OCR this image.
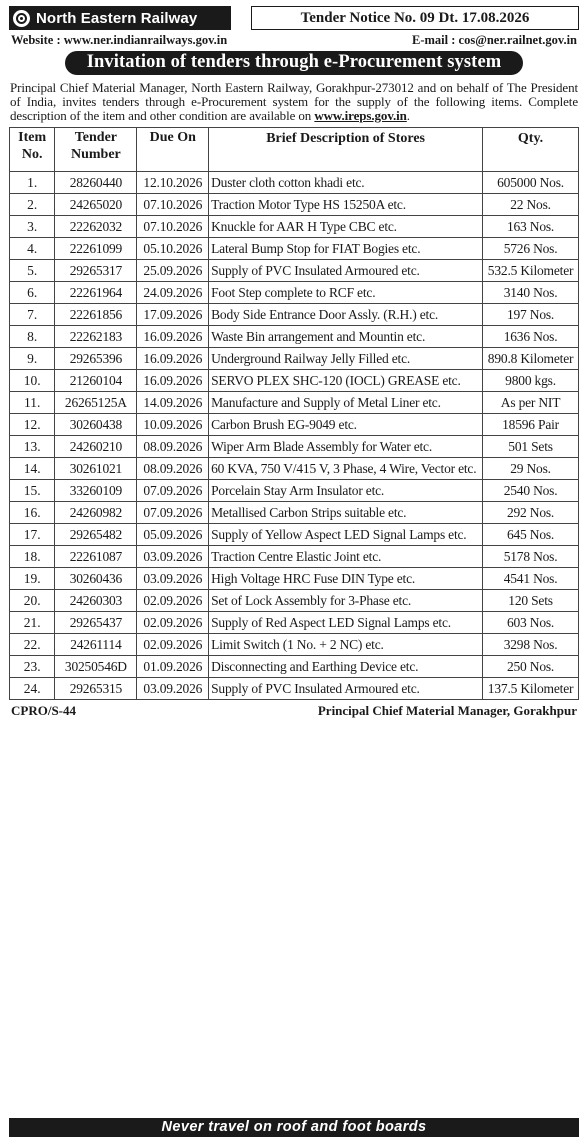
North Eastern Railway	Tender Notice No. 09 Dt. 17.08.2026
Website : www.ner.indianrailways.gov.in	E-mail : cos@ner.railnet.gov.in
Invitation of tenders through e-Procurement system

Principal Chief Material Manager, North Eastern Railway, Gorakhpur-273012 and on behalf of The President of India, invites tenders through e-Procurement system for the supply of the following items. Complete description of the item and other condition are available on www.ireps.gov.in.

Item No.	Tender Number	Due On	Brief Description of Stores	Qty.
1.	28260440	12.10.2026	Duster cloth cotton khadi etc.	605000 Nos.
2.	24265020	07.10.2026	Traction Motor Type HS 15250A etc.	22 Nos.
3.	22262032	07.10.2026	Knuckle for AAR H Type CBC etc.	163 Nos.
4.	22261099	05.10.2026	Lateral Bump Stop for FIAT Bogies etc.	5726 Nos.
5.	29265317	25.09.2026	Supply of PVC Insulated Armoured etc.	532.5 Kilometer
6.	22261964	24.09.2026	Foot Step complete to RCF etc.	3140 Nos.
7.	22261856	17.09.2026	Body Side Entrance Door Assly. (R.H.) etc.	197 Nos.
8.	22262183	16.09.2026	Waste Bin arrangement and Mountin etc.	1636 Nos.
9.	29265396	16.09.2026	Underground Railway Jelly Filled etc.	890.8 Kilometer
10.	21260104	16.09.2026	SERVO PLEX SHC-120 (IOCL) GREASE etc.	9800 kgs.
11.	26265125A	14.09.2026	Manufacture and Supply of Metal Liner etc.	As per NIT
12.	30260438	10.09.2026	Carbon Brush EG-9049 etc.	18596 Pair
13.	24260210	08.09.2026	Wiper Arm Blade Assembly for Water etc.	501 Sets
14.	30261021	08.09.2026	60 KVA, 750 V/415 V, 3 Phase, 4 Wire, Vector etc.	29 Nos.
15.	33260109	07.09.2026	Porcelain Stay Arm Insulator etc.	2540 Nos.
16.	24260982	07.09.2026	Metallised Carbon Strips suitable etc.	292 Nos.
17.	29265482	05.09.2026	Supply of Yellow Aspect LED Signal Lamps etc.	645 Nos.
18.	22261087	03.09.2026	Traction Centre Elastic Joint etc.	5178 Nos.
19.	30260436	03.09.2026	High Voltage HRC Fuse DIN Type etc.	4541 Nos.
20.	24260303	02.09.2026	Set of Lock Assembly for 3-Phase etc.	120 Sets
21.	29265437	02.09.2026	Supply of Red Aspect LED Signal Lamps etc.	603 Nos.
22.	24261114	02.09.2026	Limit Switch (1 No. + 2 NC) etc.	3298 Nos.
23.	30250546D	01.09.2026	Disconnecting and Earthing Device etc.	250 Nos.
24.	29265315	03.09.2026	Supply of PVC Insulated Armoured etc.	137.5 Kilometer
CPRO/S-44	Principal Chief Material Manager, Gorakhpur
Never travel on roof and foot boards
